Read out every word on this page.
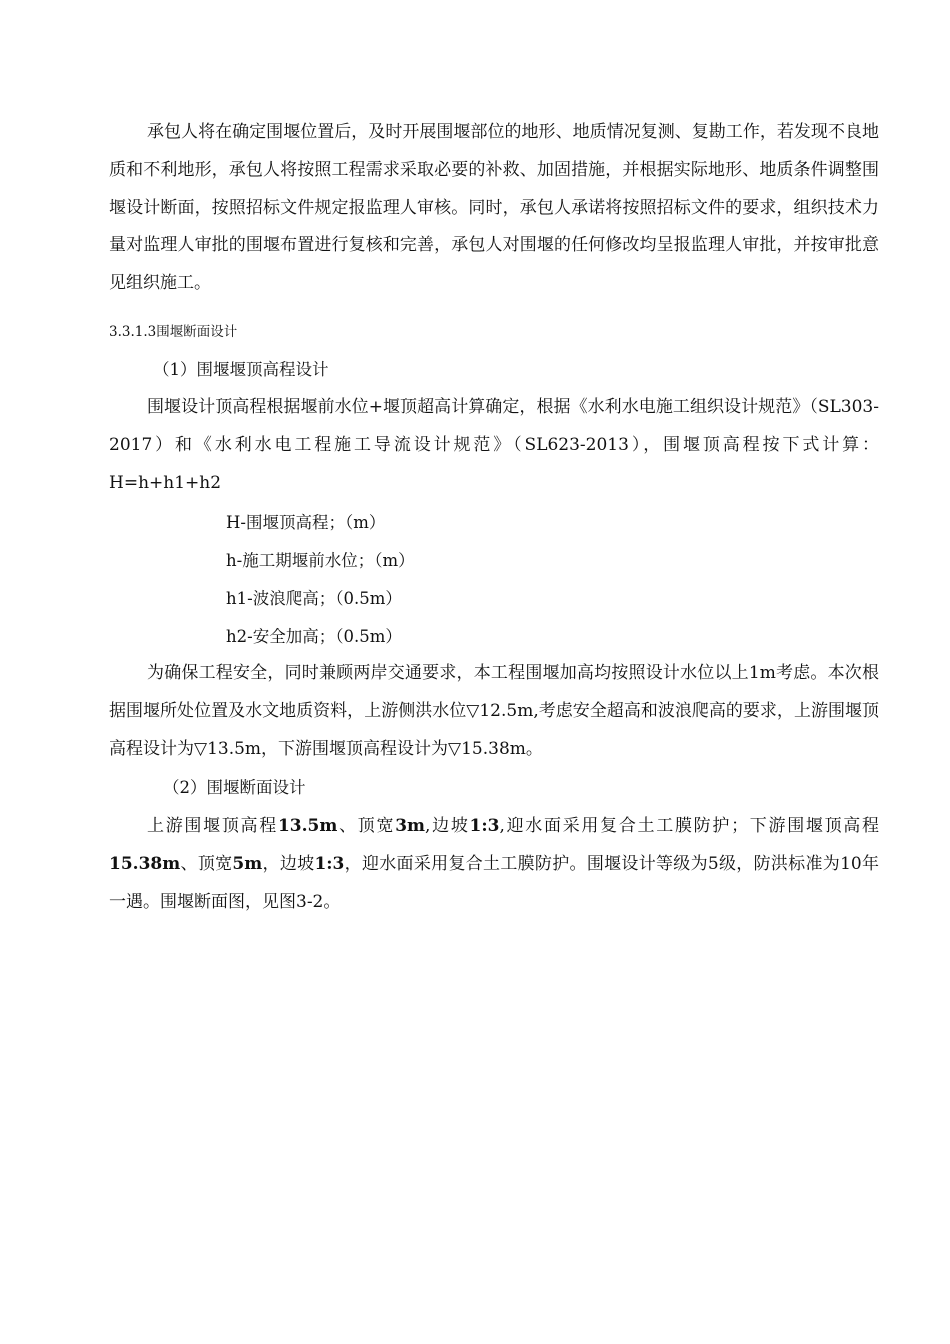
承包人将在确定围堰位置后，及时开展围堰部位的地形、地质情况复测、复勘工作，若发现不良地质和不利地形，承包人将按照工程需求采取必要的补救、加固措施，并根据实际地形、地质条件调整围堰设计断面，按照招标文件规定报监理人审核。同时，承包人承诺将按照招标文件的要求，组织技术力量对监理人审批的围堰布置进行复核和完善，承包人对围堰的任何修改均呈报监理人审批，并按审批意见组织施工。

3.3.1.3围堰断面设计

（1）围堰堰顶高程设计

围堰设计顶高程根据堰前水位+堰顶超高计算确定，根据《水利水电施工组织设计规范》（SL303-2017）和《水利水电工程施工导流设计规范》（SL623-2013），围堰顶高程按下式计算：H=h+h1+h2

H-围堰顶高程；（m）

h-施工期堰前水位；（m）

h1-波浪爬高；（0.5m）

h2-安全加高；（0.5m）

为确保工程安全，同时兼顾两岸交通要求，本工程围堰加高均按照设计水位以上1m考虑。本次根据围堰所处位置及水文地质资料，上游侧洪水位▽12.5m,考虑安全超高和波浪爬高的要求，上游围堰顶高程设计为▽13.5m，下游围堰顶高程设计为▽15.38m。

（2）围堰断面设计

上游围堰顶高程13.5m、顶宽3m,边坡1:3,迎水面采用复合土工膜防护；下游围堰顶高程15.38m、顶宽5m，边坡1:3，迎水面采用复合土工膜防护。围堰设计等级为5级，防洪标准为10年一遇。围堰断面图，见图3-2。
